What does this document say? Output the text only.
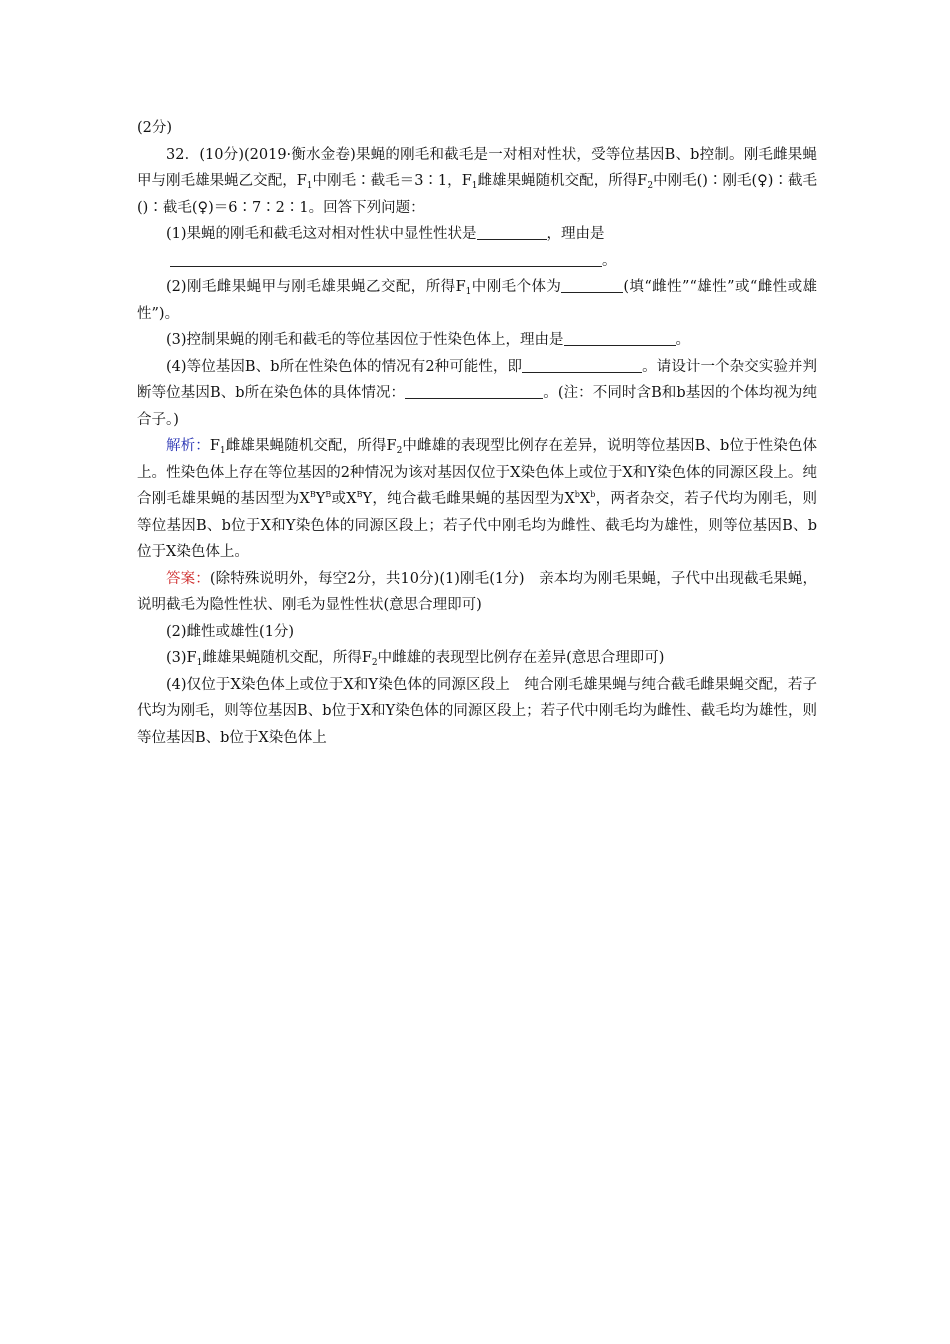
(2分)

32．(10分)(2019·衡水金卷)果蝇的刚毛和截毛是一对相对性状，受等位基因B、b控制。刚毛雌果蝇甲与刚毛雄果蝇乙交配，$F_1$中刚毛∶截毛＝3∶1，$F_1$雌雄果蝇随机交配，所得$F_2$中刚毛()∶刚毛(♀)∶截毛()∶截毛(♀)＝6∶7∶2∶1。回答下列问题：

(1)果蝇的刚毛和截毛这对相对性状中显性性状是	，理由是

。

(2)刚毛雌果蝇甲与刚毛雄果蝇乙交配，所得$F_1$中刚毛个体为	(填“雌性”“雄性”或“雌性或雄性”)。

(3)控制果蝇的刚毛和截毛的等位基因位于性染色体上，理由是	。

(4)等位基因B、b所在性染色体的情况有2种可能性，即	。请设计一个杂交实验并判断等位基因B、b所在染色体的具体情况：	。(注：不同时含B和b基因的个体均视为纯合子。)

解析：$F_1$雌雄果蝇随机交配，所得$F_2$中雌雄的表现型比例存在差异，说明等位基因B、b位于性染色体上。性染色体上存在等位基因的2种情况为该对基因仅位于X染色体上或位于X和Y染色体的同源区段上。纯合刚毛雄果蝇的基因型为$X^BY^B$或$X^BY$，纯合截毛雌果蝇的基因型为$X^bX^b$，两者杂交，若子代均为刚毛，则等位基因B、b位于X和Y染色体的同源区段上；若子代中刚毛均为雌性、截毛均为雄性，则等位基因B、b位于X染色体上。

答案：(除特殊说明外，每空2分，共10分)(1)刚毛(1分)　亲本均为刚毛果蝇，子代中出现截毛果蝇，说明截毛为隐性性状、刚毛为显性性状(意思合理即可)

(2)雌性或雄性(1分)

$(3)F_1$雌雄果蝇随机交配，所得$F_2$中雌雄的表现型比例存在差异(意思合理即可)

(4)仅位于X染色体上或位于X和Y染色体的同源区段上　纯合刚毛雄果蝇与纯合截毛雌果蝇交配，若子代均为刚毛，则等位基因B、b位于X和Y染色体的同源区段上；若子代中刚毛均为雌性、截毛均为雄性，则等位基因B、b位于X染色体上
